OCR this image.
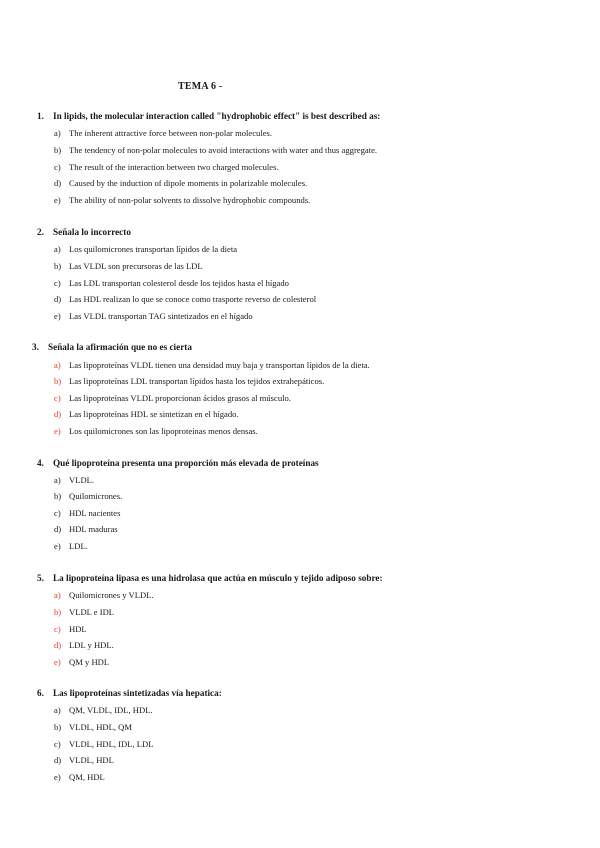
TEMA 6 -
1. In lipids, the molecular interaction called "hydrophobic effect" is best described as:
a) The inherent attractive force between non-polar molecules.
b) The tendency of non-polar molecules to avoid interactions with water and thus aggregate.
c) The result of the interaction between two charged molecules.
d) Caused by the induction of dipole moments in polarizable molecules.
e) The ability of non-polar solvents to dissolve hydrophobic compounds.
2. Señala lo incorrecto
a) Los quilomicrones transportan lípidos de la dieta
b) Las VLDL son precursoras de las LDL
c) Las LDL transportan colesterol desde los tejidos hasta el hígado
d) Las HDL realizan lo que se conoce como trasporte reverso de colesterol
e) Las VLDL transportan TAG sintetizados en el hígado
3. Señala la afirmación que no es cierta
a) Las lipoproteínas VLDL tienen una densidad muy baja y transportan lípidos de la dieta.
b) Las lipoproteínas LDL transportan lípidos hasta los tejidos extrahepáticos.
c) Las lipoproteínas VLDL proporcionan ácidos grasos al músculo.
d) Las lipoproteínas HDL se sintetizan en el hígado.
e) Los quilomicrones son las lipoproteínas menos densas.
4. Qué lipoproteína presenta una proporción más elevada de proteínas
a) VLDL.
b) Quilomicrones.
c) HDL nacientes
d) HDL maduras
e) LDL.
5. La lipoproteína lipasa es una hidrolasa que actúa en músculo y tejido adiposo sobre:
a) Quilomicrones y VLDL.
b) VLDL e IDL
c) HDL
d) LDL y HDL.
e) QM y HDL
6. Las lipoproteínas sintetizadas vía hepatica:
a) QM, VLDL, IDL, HDL.
b) VLDL, HDL, QM
c) VLDL, HDL, IDL, LDL
d) VLDL, HDL
e) QM, HDL
